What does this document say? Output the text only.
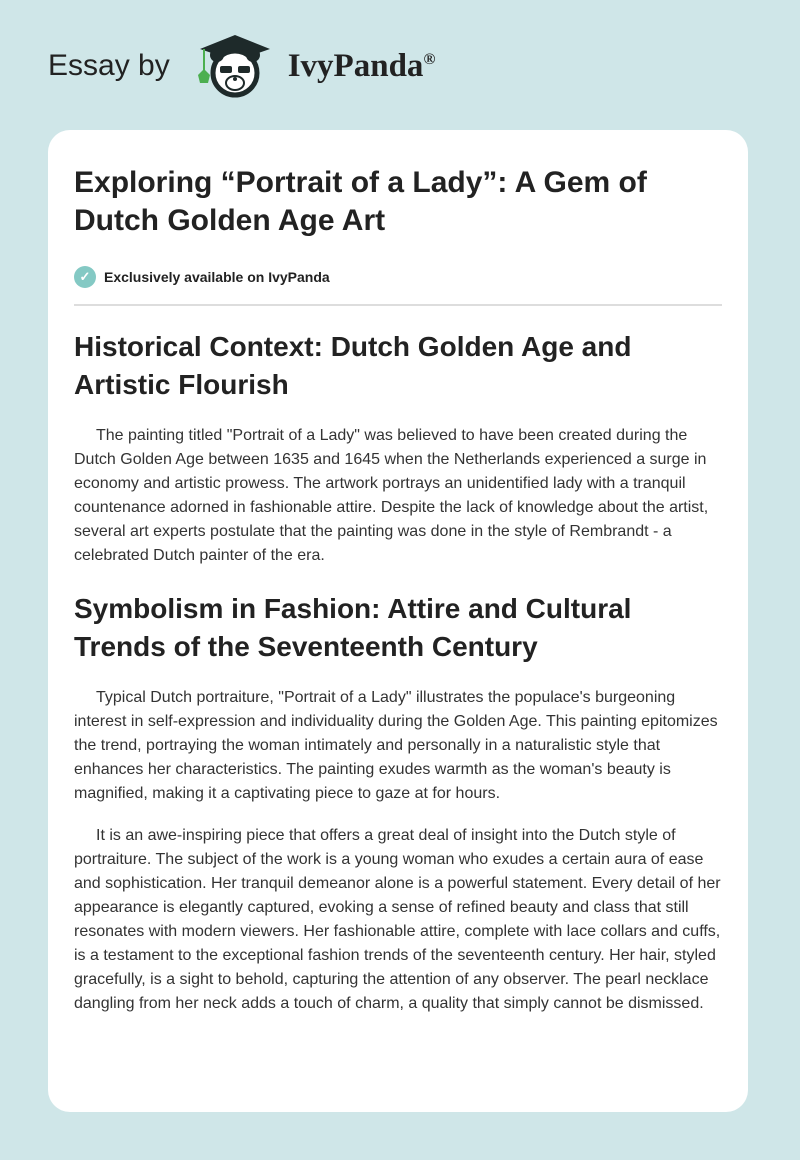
Essay by	IvyPanda®
Exploring “Portrait of a Lady”: A Gem of Dutch Golden Age Art
✓ Exclusively available on IvyPanda
Historical Context: Dutch Golden Age and Artistic Flourish

The painting titled "Portrait of a Lady" was believed to have been created during the Dutch Golden Age between 1635 and 1645 when the Netherlands experienced a surge in economy and artistic prowess. The artwork portrays an unidentified lady with a tranquil countenance adorned in fashionable attire. Despite the lack of knowledge about the artist, several art experts postulate that the painting was done in the style of Rembrandt - a celebrated Dutch painter of the era.

Symbolism in Fashion: Attire and Cultural Trends of the Seventeenth Century

Typical Dutch portraiture, "Portrait of a Lady" illustrates the populace's burgeoning interest in self-expression and individuality during the Golden Age. This painting epitomizes the trend, portraying the woman intimately and personally in a naturalistic style that enhances her characteristics. The painting exudes warmth as the woman's beauty is magnified, making it a captivating piece to gaze at for hours.

It is an awe-inspiring piece that offers a great deal of insight into the Dutch style of portraiture. The subject of the work is a young woman who exudes a certain aura of ease and sophistication. Her tranquil demeanor alone is a powerful statement. Every detail of her appearance is elegantly captured, evoking a sense of refined beauty and class that still resonates with modern viewers. Her fashionable attire, complete with lace collars and cuffs, is a testament to the exceptional fashion trends of the seventeenth century. Her hair, styled gracefully, is a sight to behold, capturing the attention of any observer. The pearl necklace dangling from her neck adds a touch of charm, a quality that simply cannot be dismissed.
